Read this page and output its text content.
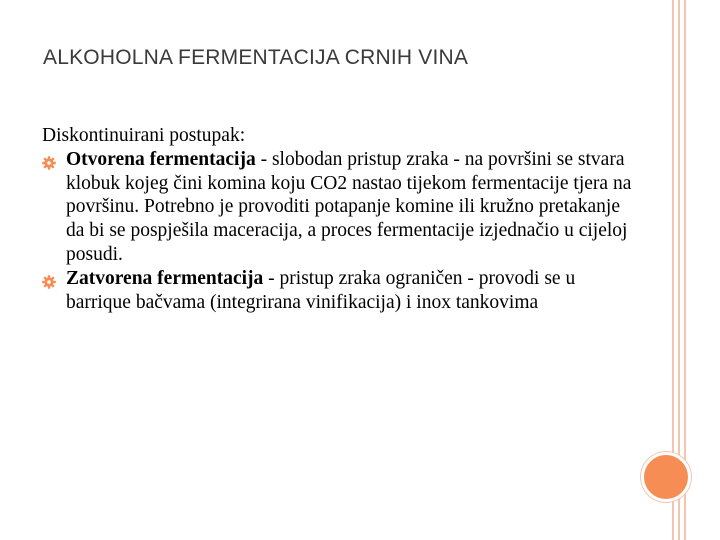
ALKOHOLNA FERMENTACIJA CRNIH VINA

Diskontinuirani postupak:

Otvorena fermentacija - slobodan pristup zraka - na površini se stvara klobuk kojeg čini komina koju CO2 nastao tijekom fermentacije tjera na površinu. Potrebno je provoditi potapanje komine ili kružno pretakanje da bi se pospješila maceracija, a proces fermentacije izjednačio u cijeloj posudi.
Zatvorena fermentacija - pristup zraka ograničen - provodi se u barrique bačvama (integrirana vinifikacija) i inox tankovima
